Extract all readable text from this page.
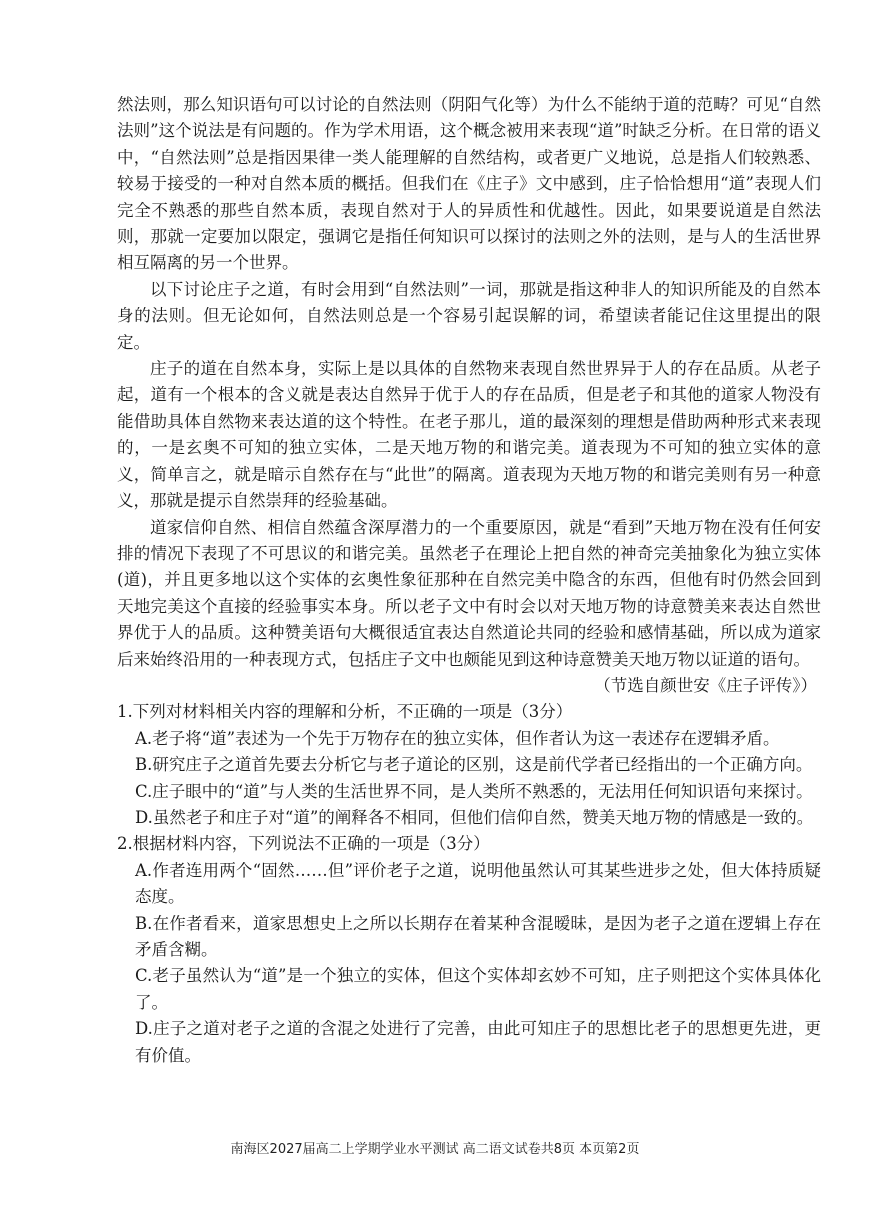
然法则，那么知识语句可以讨论的自然法则（阴阳气化等）为什么不能纳于道的范畴？可见“自然法则”这个说法是有问题的。作为学术用语，这个概念被用来表现“道”时缺乏分析。在日常的语义中，“自然法则”总是指因果律一类人能理解的自然结构，或者更广义地说，总是指人们较熟悉、较易于接受的一种对自然本质的概括。但我们在《庄子》文中感到，庄子恰恰想用“道”表现人们完全不熟悉的那些自然本质，表现自然对于人的异质性和优越性。因此，如果要说道是自然法则，那就一定要加以限定，强调它是指任何知识可以探讨的法则之外的法则，是与人的生活世界相互隔离的另一个世界。

以下讨论庄子之道，有时会用到“自然法则”一词，那就是指这种非人的知识所能及的自然本身的法则。但无论如何，自然法则总是一个容易引起误解的词，希望读者能记住这里提出的限定。

庄子的道在自然本身，实际上是以具体的自然物来表现自然世界异于人的存在品质。从老子起，道有一个根本的含义就是表达自然异于优于人的存在品质，但是老子和其他的道家人物没有能借助具体自然物来表达道的这个特性。在老子那儿，道的最深刻的理想是借助两种形式来表现的，一是玄奥不可知的独立实体，二是天地万物的和谐完美。道表现为不可知的独立实体的意义，简单言之，就是暗示自然存在与“此世”的隔离。道表现为天地万物的和谐完美则有另一种意义，那就是提示自然崇拜的经验基础。

道家信仰自然、相信自然蕴含深厚潜力的一个重要原因，就是“看到”天地万物在没有任何安排的情况下表现了不可思议的和谐完美。虽然老子在理论上把自然的神奇完美抽象化为独立实体(道)，并且更多地以这个实体的玄奥性象征那种在自然完美中隐含的东西，但他有时仍然会回到天地完美这个直接的经验事实本身。所以老子文中有时会以对天地万物的诗意赞美来表达自然世界优于人的品质。这种赞美语句大概很适宜表达自然道论共同的经验和感情基础，所以成为道家后来始终沿用的一种表现方式，包括庄子文中也颇能见到这种诗意赞美天地万物以证道的语句。

（节选自颜世安《庄子评传》）

1.下列对材料相关内容的理解和分析，不正确的一项是（3分）

A.老子将“道”表述为一个先于万物存在的独立实体，但作者认为这一表述存在逻辑矛盾。

B.研究庄子之道首先要去分析它与老子道论的区别，这是前代学者已经指出的一个正确方向。

C.庄子眼中的“道”与人类的生活世界不同，是人类所不熟悉的，无法用任何知识语句来探讨。

D.虽然老子和庄子对“道”的阐释各不相同，但他们信仰自然，赞美天地万物的情感是一致的。

2.根据材料内容，下列说法不正确的一项是（3分）

A.作者连用两个“固然……但”评价老子之道，说明他虽然认可其某些进步之处，但大体持质疑态度。

B.在作者看来，道家思想史上之所以长期存在着某种含混暧昧，是因为老子之道在逻辑上存在矛盾含糊。

C.老子虽然认为“道”是一个独立的实体，但这个实体却玄妙不可知，庄子则把这个实体具体化了。

D.庄子之道对老子之道的含混之处进行了完善，由此可知庄子的思想比老子的思想更先进，更有价值。

南海区2027届高二上学期学业水平测试 高二语文试卷共8页 本页第2页
